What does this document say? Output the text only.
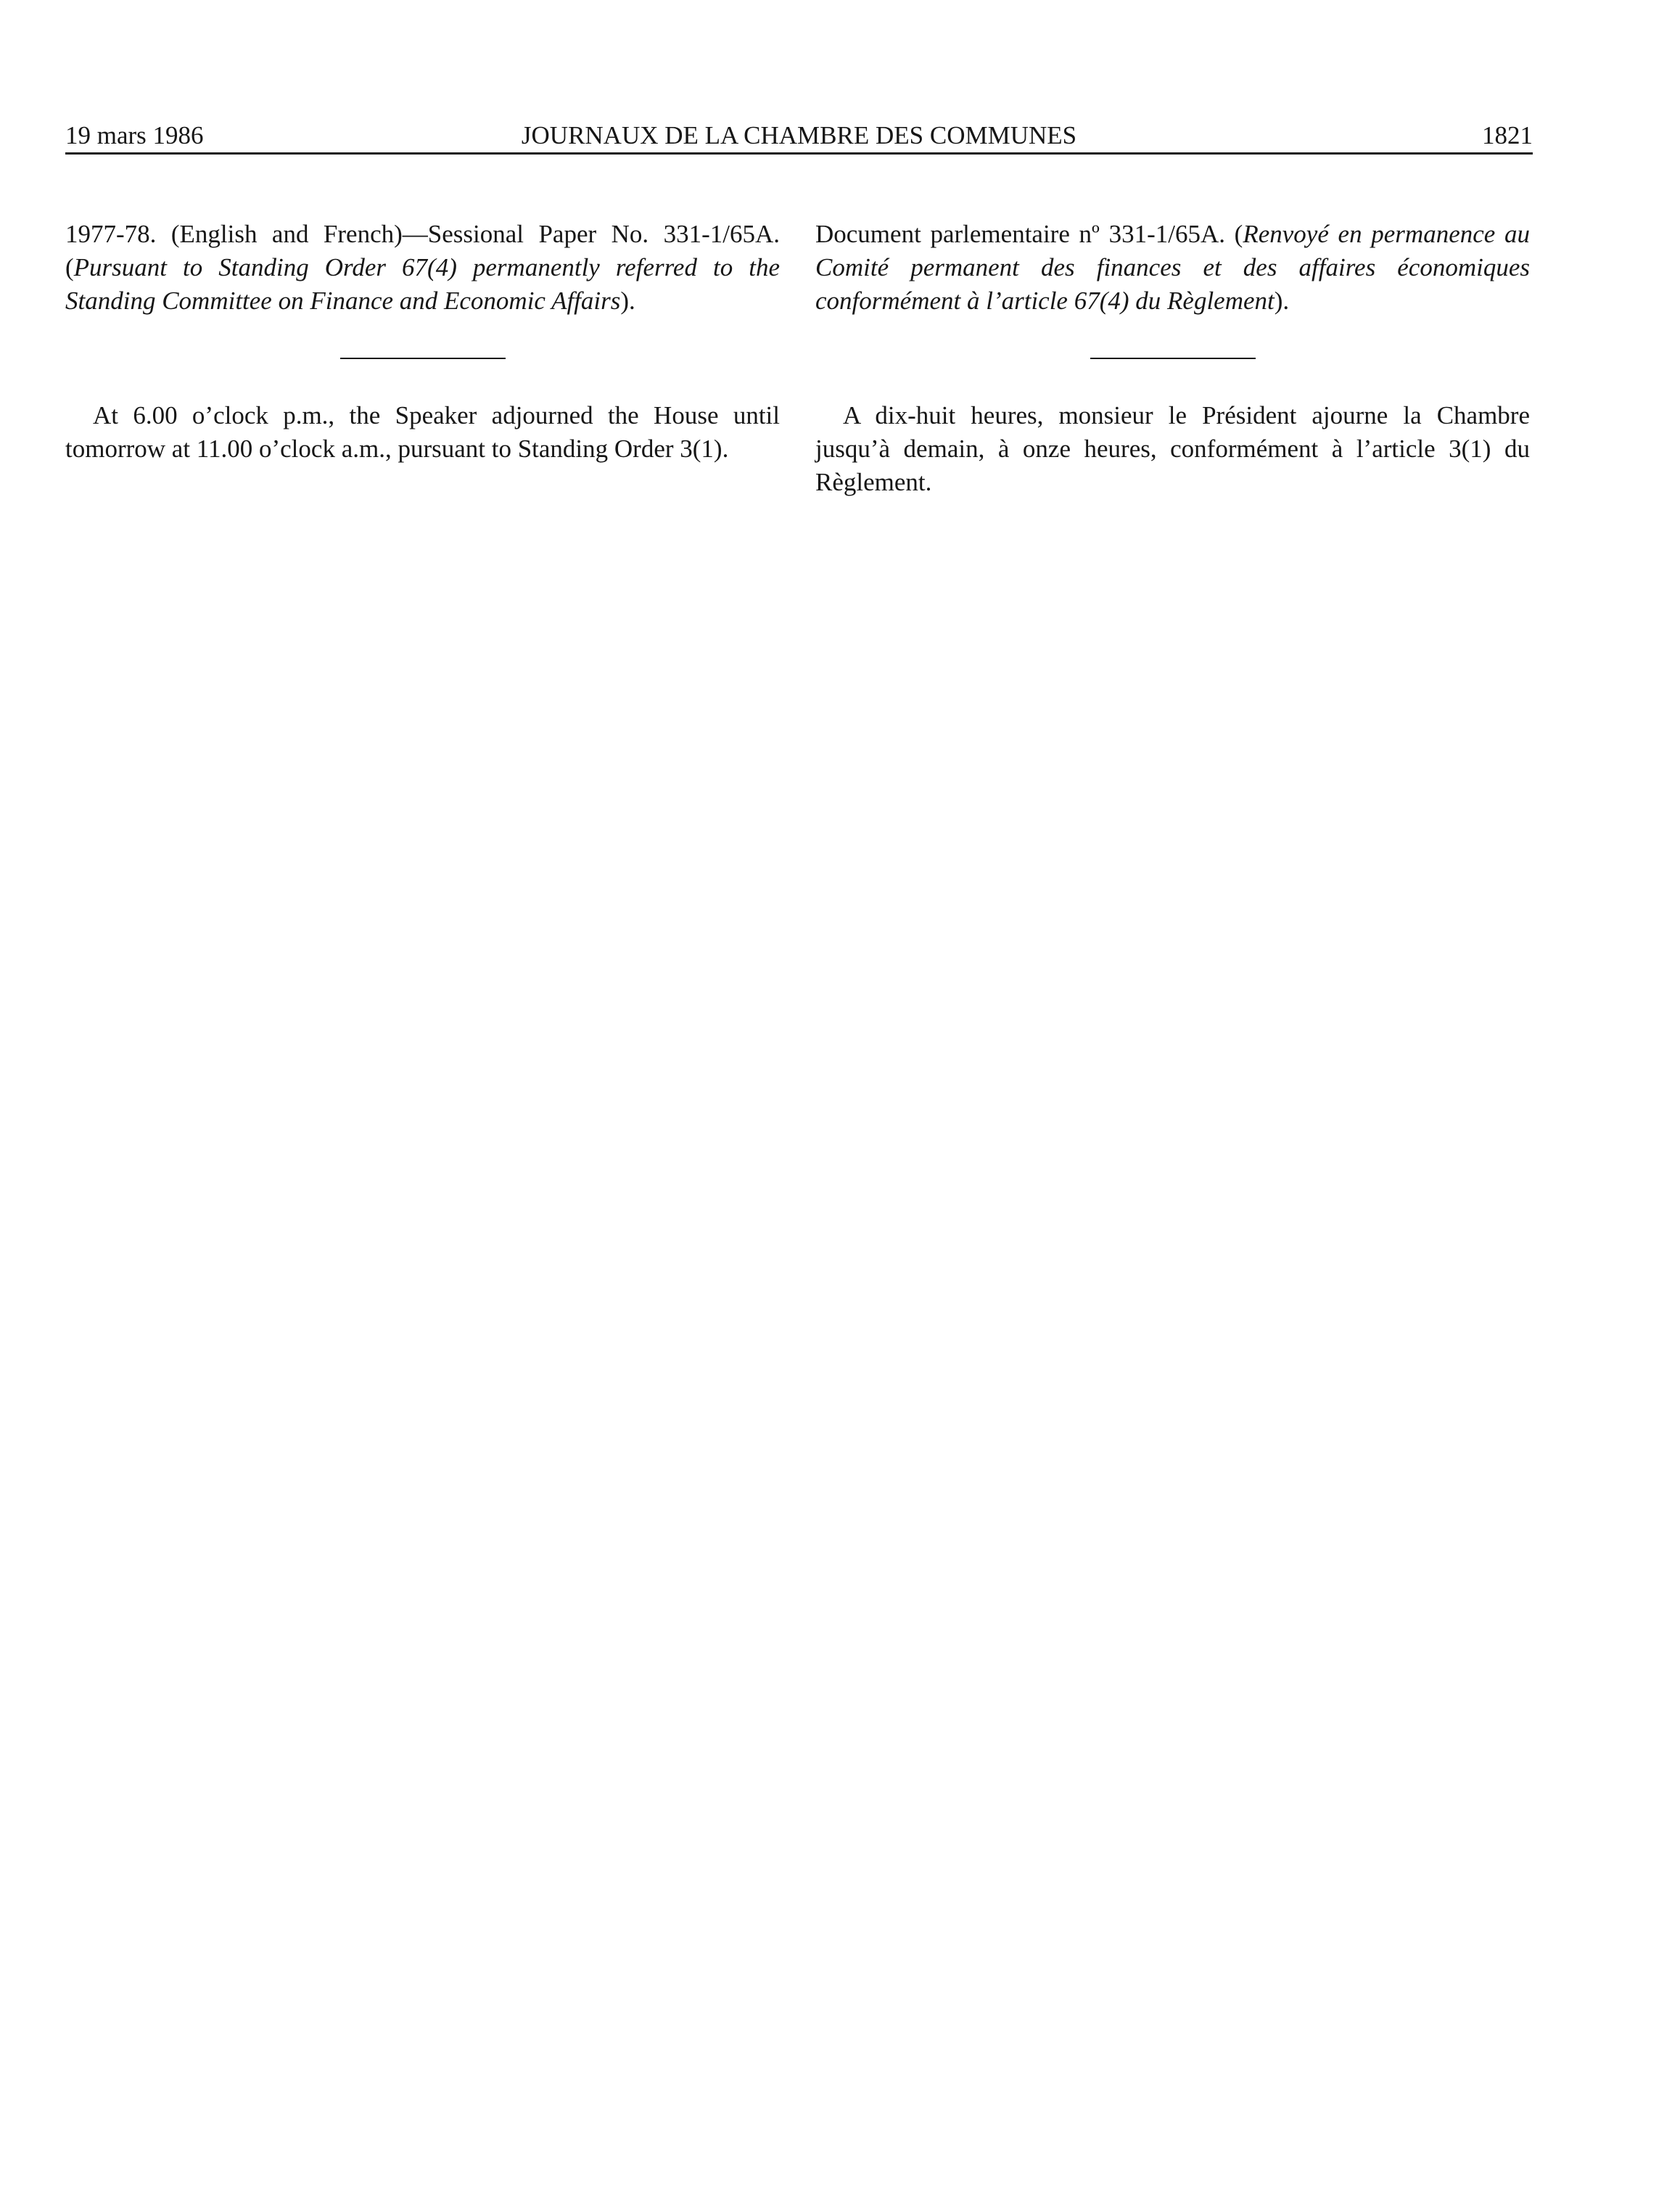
19 mars 1986	JOURNAUX DE LA CHAMBRE DES COMMUNES	1821

1977-78. (English and French)—Sessional Paper No. 331-1/65A. (Pursuant to Standing Order 67(4) permanently referred to the Standing Committee on Finance and Economic Affairs).

At 6.00 o’clock p.m., the Speaker adjourned the House until tomorrow at 11.00 o’clock a.m., pursuant to Standing Order 3(1).

Document parlementaire nº 331-1/65A. (Renvoyé en permanence au Comité permanent des finances et des affaires économiques conformément à l’article 67(4) du Règlement).

A dix-huit heures, monsieur le Président ajourne la Chambre jusqu’à demain, à onze heures, conformément à l’article 3(1) du Règlement.
